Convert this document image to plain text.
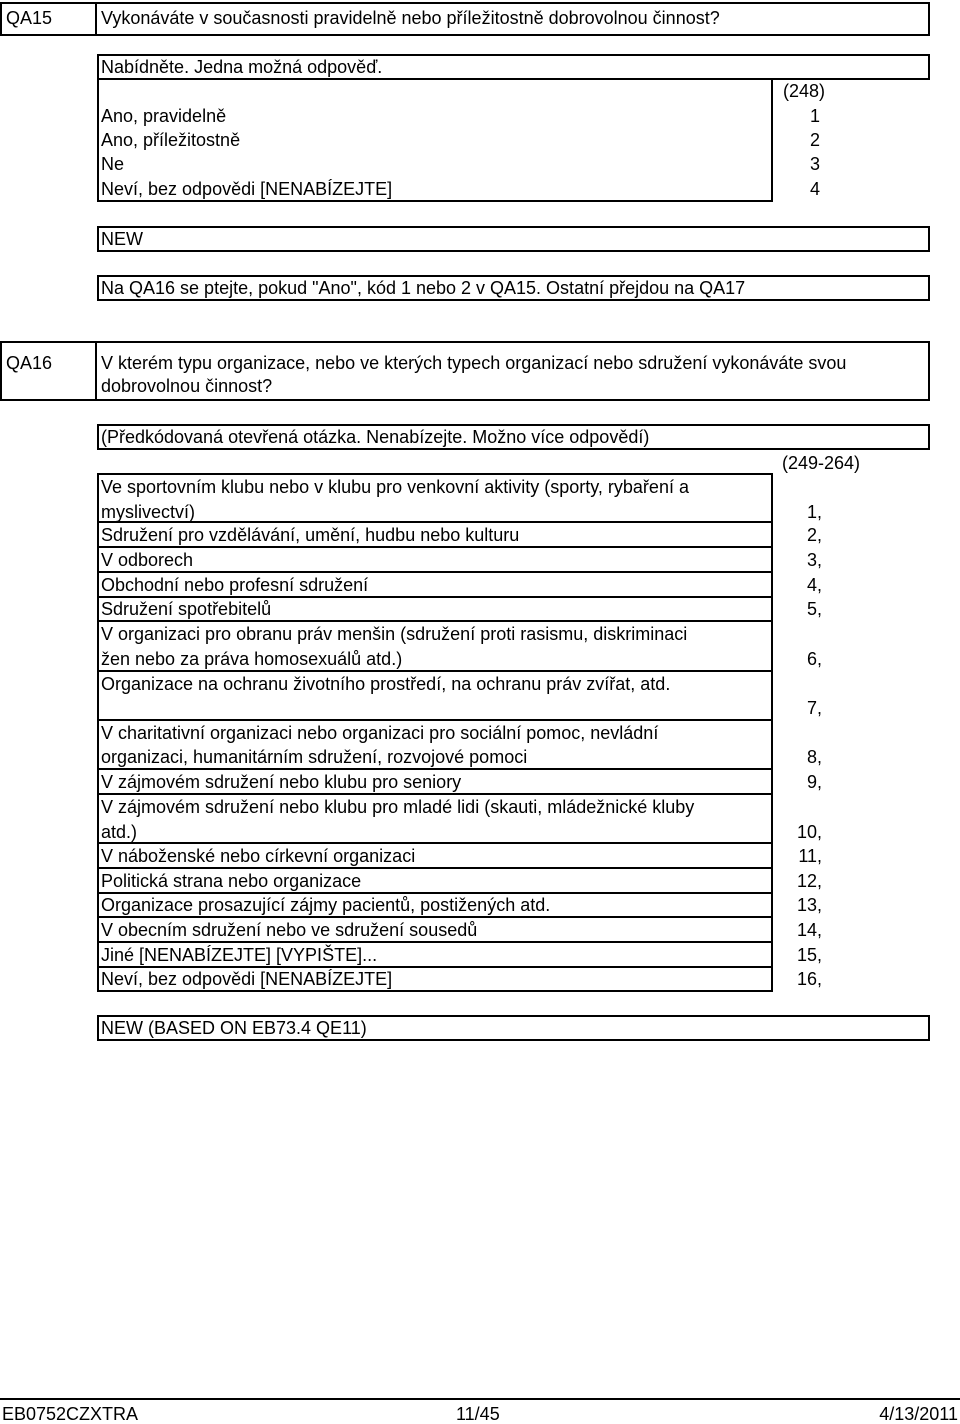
QA15	Vykonáváte v současnosti pravidelně nebo příležitostně dobrovolnou činnost?
Nabídněte. Jedna možná odpověď.
(248)
Ano, pravidelně	1
Ano, příležitostně	2
Ne	3
Neví, bez odpovědi [NENABÍZEJTE]	4
NEW
Na QA16 se ptejte, pokud "Ano", kód 1 nebo 2 v QA15. Ostatní přejdou na QA17
QA16	V kterém typu organizace, nebo ve kterých typech organizací nebo sdružení vykonáváte svou
dobrovolnou činnost?
(Předkódovaná otevřená otázka. Nenabízejte. Možno více odpovědí)
(249-264)
Ve sportovním klubu nebo v klubu pro venkovní aktivity (sporty, rybaření a
myslivectví)	1,
Sdružení pro vzdělávání, umění, hudbu nebo kulturu	2,
V odborech	3,
Obchodní nebo profesní sdružení	4,
Sdružení spotřebitelů	5,
V organizaci pro obranu práv menšin (sdružení proti rasismu, diskriminaci
žen nebo za práva homosexuálů atd.)	6,
Organizace na ochranu životního prostředí, na ochranu práv zvířat, atd.
7,
V charitativní organizaci nebo organizaci pro sociální pomoc, nevládní
organizaci, humanitárním sdružení, rozvojové pomoci	8,
V zájmovém sdružení nebo klubu pro seniory	9,
V zájmovém sdružení nebo klubu pro mladé lidi (skauti, mládežnické kluby
atd.)	10,
V náboženské nebo církevní organizaci	11,
Politická strana nebo organizace	12,
Organizace prosazující zájmy pacientů, postižených atd.	13,
V obecním sdružení nebo ve sdružení sousedů	14,
Jiné [NENABÍZEJTE] [VYPIŠTE]...	15,
Neví, bez odpovědi [NENABÍZEJTE]	16,
NEW (BASED ON EB73.4 QE11)
EB0752CZXTRA	11/45	4/13/2011
